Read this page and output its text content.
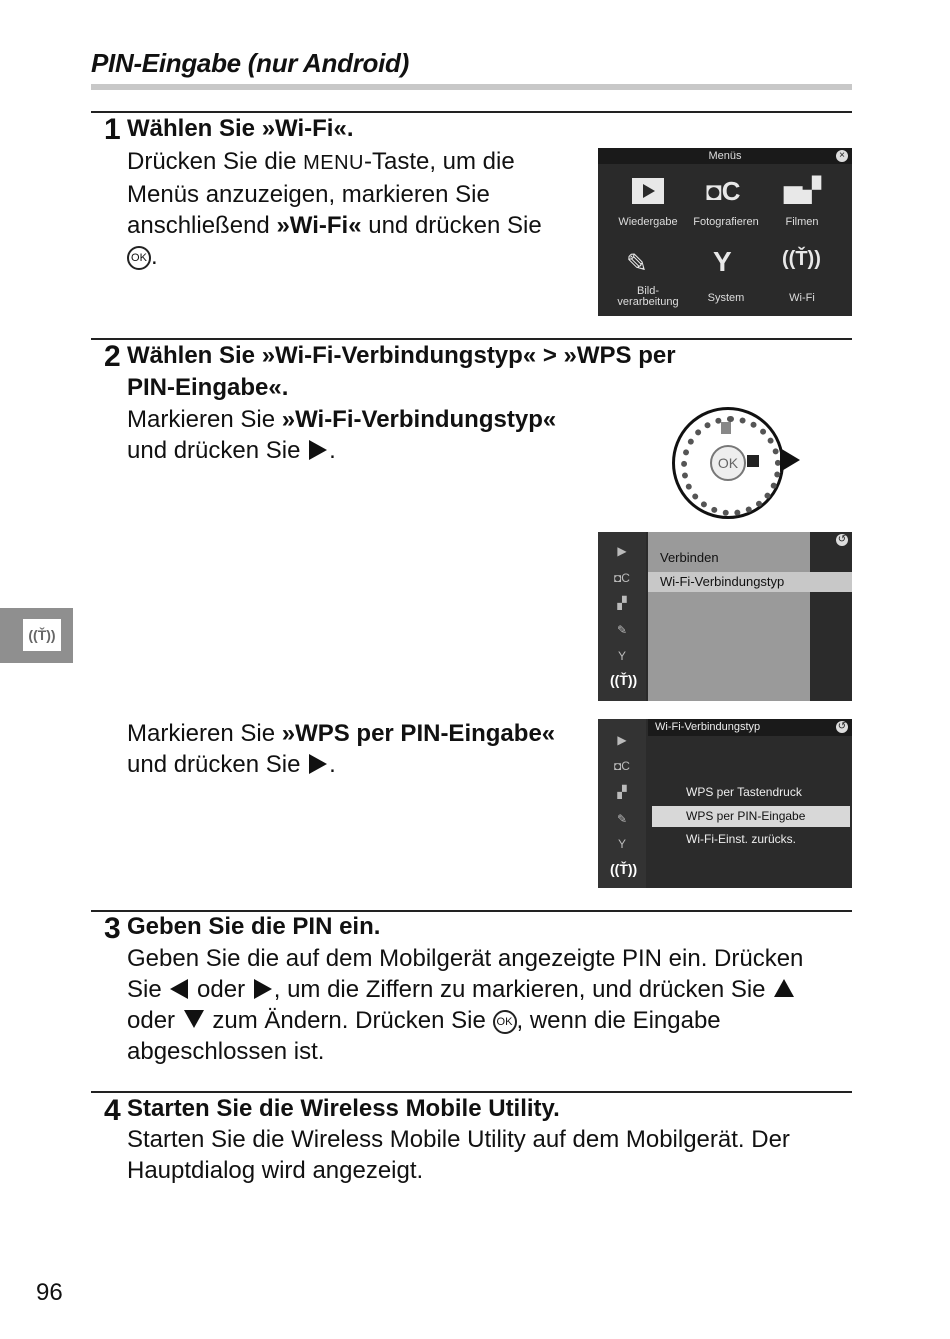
PIN-Eingabe (nur Android)
1 Wählen Sie »Wi-Fi«.
Drücken Sie die MENU-Taste, um die
Menüs anzuzeigen, markieren Sie
anschließend »Wi-Fi« und drücken Sie
OK .
Menüs	×
◘C ▅▞
✎ Y	((Ť))
Wiedergabe	Fotografieren	Filmen
Bild-
verarbeitung	System	Wi-Fi
2 Wählen Sie »Wi-Fi-Verbindungstyp« > »WPS per
PIN-Eingabe«.
Markieren Sie »Wi-Fi-Verbindungstyp«
und drücken Sie .	OK
▶
◘C
▞
✎
Y
((Ť))
Verbinden
Wi-Fi-Verbindungstyp
↺
Markieren Sie »WPS per PIN-Eingabe«
und drücken Sie .
▶
◘C
▞
✎
Y
((Ť))
Wi-Fi-Verbindungstyp	↺
WPS per Tastendruck
WPS per PIN-Eingabe
Wi-Fi-Einst. zurücks.
3 Geben Sie die PIN ein.
Geben Sie die auf dem Mobilgerät angezeigte PIN ein. Drücken
Sie  oder , um die Ziffern zu markieren, und drücken Sie
oder  zum Ändern. Drücken Sie OK , wenn die Eingabe
abgeschlossen ist.
4 Starten Sie die Wireless Mobile Utility.
Starten Sie die Wireless Mobile Utility auf dem Mobilgerät. Der
Hauptdialog wird angezeigt.
((Ť))
96
